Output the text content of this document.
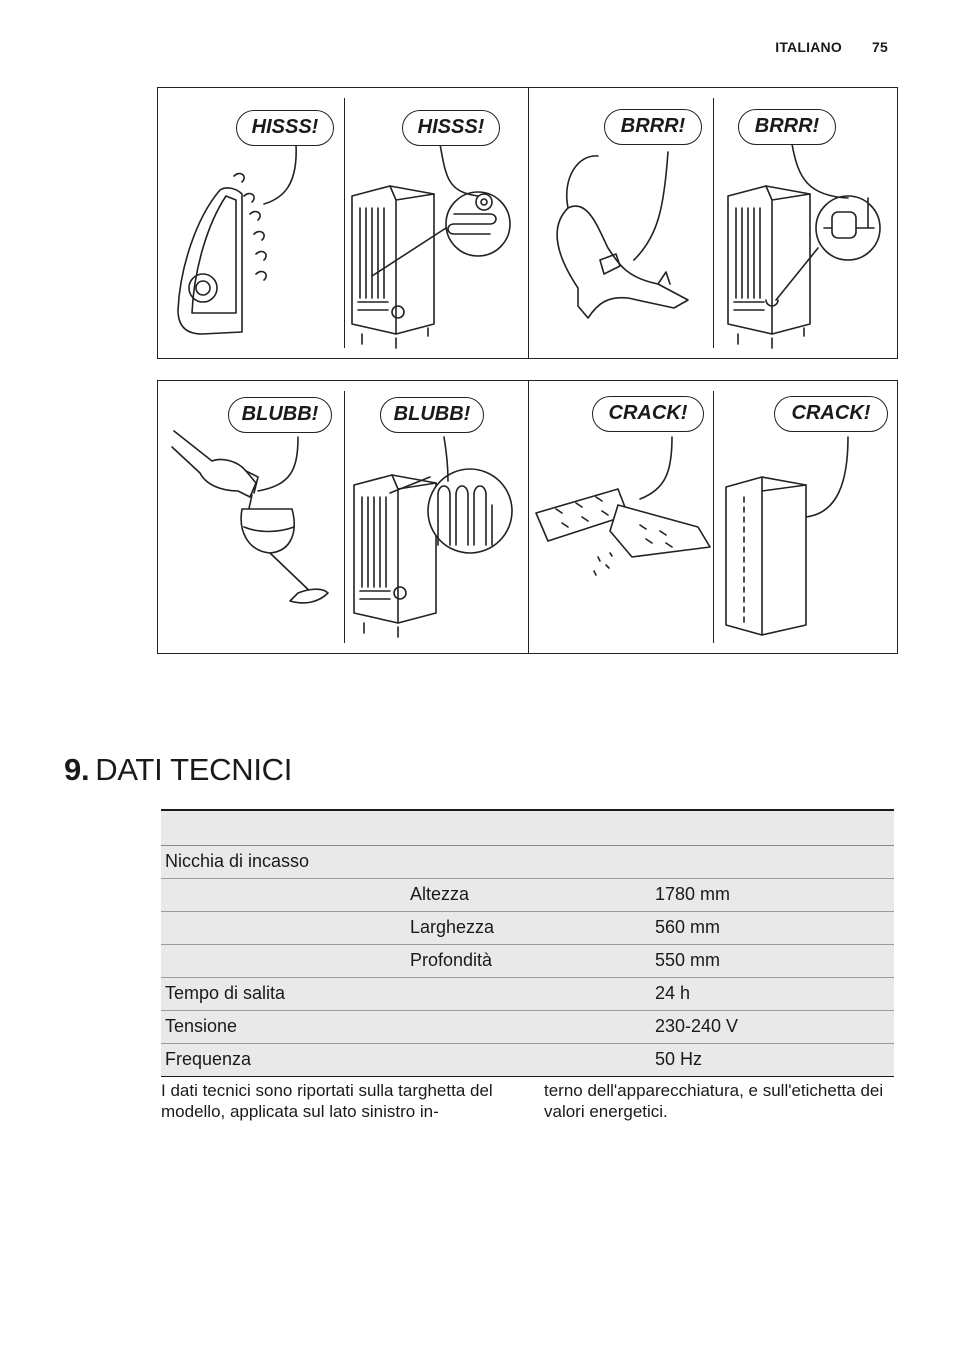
ITALIANO 75
HISSS!	HISSS!	BRRR!	BRRR!
BLUBB!	BLUBB!	CRACK!	CRACK!
9. DATI TECNICI

Nicchia di incasso		
	Altezza	1780 mm
	Larghezza	560 mm
	Profondità	550 mm
Tempo di salita		24 h
Tensione		230-240 V
Frequenza		50 Hz

I dati tecnici sono riportati sulla targhetta del modello, applicata sul lato sinistro in-

terno dell'apparecchiatura, e sull'etichetta dei valori energetici.
